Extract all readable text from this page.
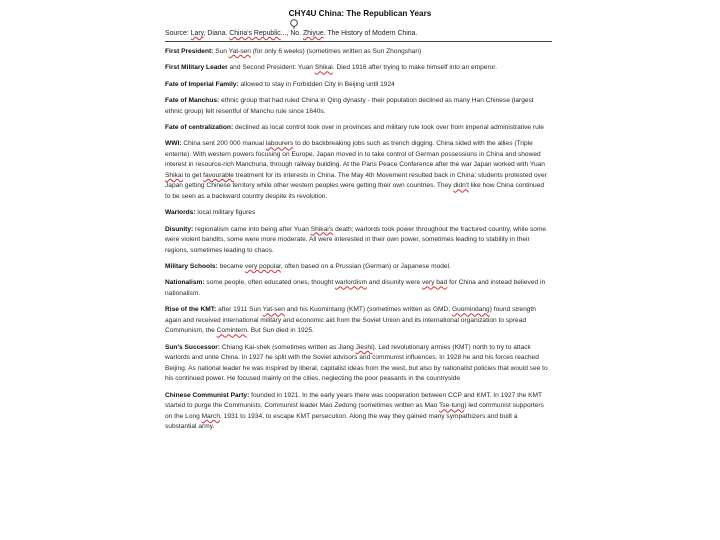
CHY4U China: The Republican Years
Source: Lary, Diana. China's Republic..., No. Zhiyue. The History of Modern China.

First President: Sun Yat-sen (for only 6 weeks) (sometimes written as Sun Zhongshan)

First Military Leader and Second President: Yuan Shikai. Died 1916 after trying to make himself into an emperor.

Fate of Imperial Family: allowed to stay in Forbidden City in Beijing until 1924

Fate of Manchus: ethnic group that had ruled China in Qing dynasty - their population declined as many Han Chinese (largest ethnic group) felt resentful of Manchu rule since 1640s.

Fate of centralization: declined as local control took over in provinces and military rule took over from imperial administrative rule

WWI: China sent 200 000 manual labourers to do backbreaking jobs such as trench digging. China sided with the allies (Triple entente). With western powers focusing on Europe, Japan moved in to take control of German possessions in China and showed interest in resource-rich Manchuria, through railway building. At the Paris Peace Conference after the war Japan worked with Yuan Shikai to get favourable treatment for its interests in China. The May 4th Movement resulted back in China; students protested over Japan getting Chinese territory while other western peoples were getting their own countries. They didn't like how China continued to be seen as a backward country despite its revolution.

Warlords: local military figures

Disunity: regionalism came into being after Yuan Shikai's death; warlords took power throughout the fractured country, while some were violent bandits, some were more moderate. All were interested in their own power, sometimes leading to stability in their regions, sometimes leading to chaos.

Military Schools: became very popular, often based on a Prussian (German) or Japanese model.

Nationalism: some people, often educated ones, thought warlordism and disunity were very bad for China and instead believed in nationalism.

Rise of the KMT: after 1911 Sun Yat-sen and his Kuomintang (KMT) (sometimes written as GMD, Guomindang) found strength again and received international military and economic aid from the Soviet Union and its international organization to spread Communism, the Comintern. But Sun died in 1925.

Sun's Successor: Chiang Kai-shek (sometimes written as Jiang Jieshi). Led revolutionary armies (KMT) north to try to attack warlords and unite China. In 1927 he split with the Soviet advisors and communist influences. In 1928 he and his forces reached Beijing. As national leader he was inspired by liberal, capitalist ideas from the west, but also by nationalist policies that would see to his continued power. He focused mainly on the cities, neglecting the poor peasants in the countryside

Chinese Communist Party: founded in 1921. In the early years there was cooperation between CCP and KMT. In 1927 the KMT started to purge the Communists. Communist leader Mao Zedong (sometimes written as Mao Tse-tung) led communist supporters on the Long March, 1931 to 1934, to escape KMT persecution. Along the way they gained many sympathizers and built a substantial army.
